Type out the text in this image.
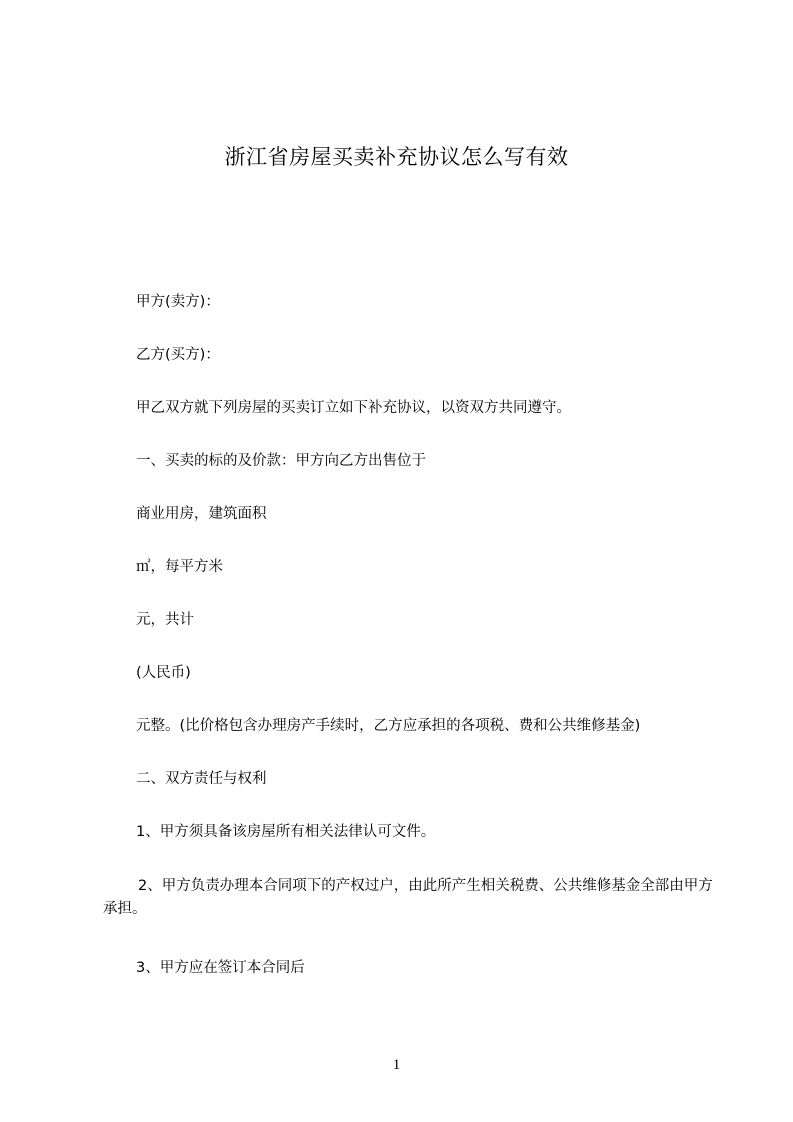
浙江省房屋买卖补充协议怎么写有效
甲方(卖方)：
乙方(买方)：
甲乙双方就下列房屋的买卖订立如下补充协议，以资双方共同遵守。
一、买卖的标的及价款：甲方向乙方出售位于
商业用房，建筑面积
㎡，每平方米
元，共计
(人民币)
元整。(比价格包含办理房产手续时，乙方应承担的各项税、费和公共维修基金)
二、双方责任与权利
1、甲方须具备该房屋所有相关法律认可文件。
2、甲方负责办理本合同项下的产权过户，由此所产生相关税费、公共维修基金全部由甲方承担。
3、甲方应在签订本合同后
1
